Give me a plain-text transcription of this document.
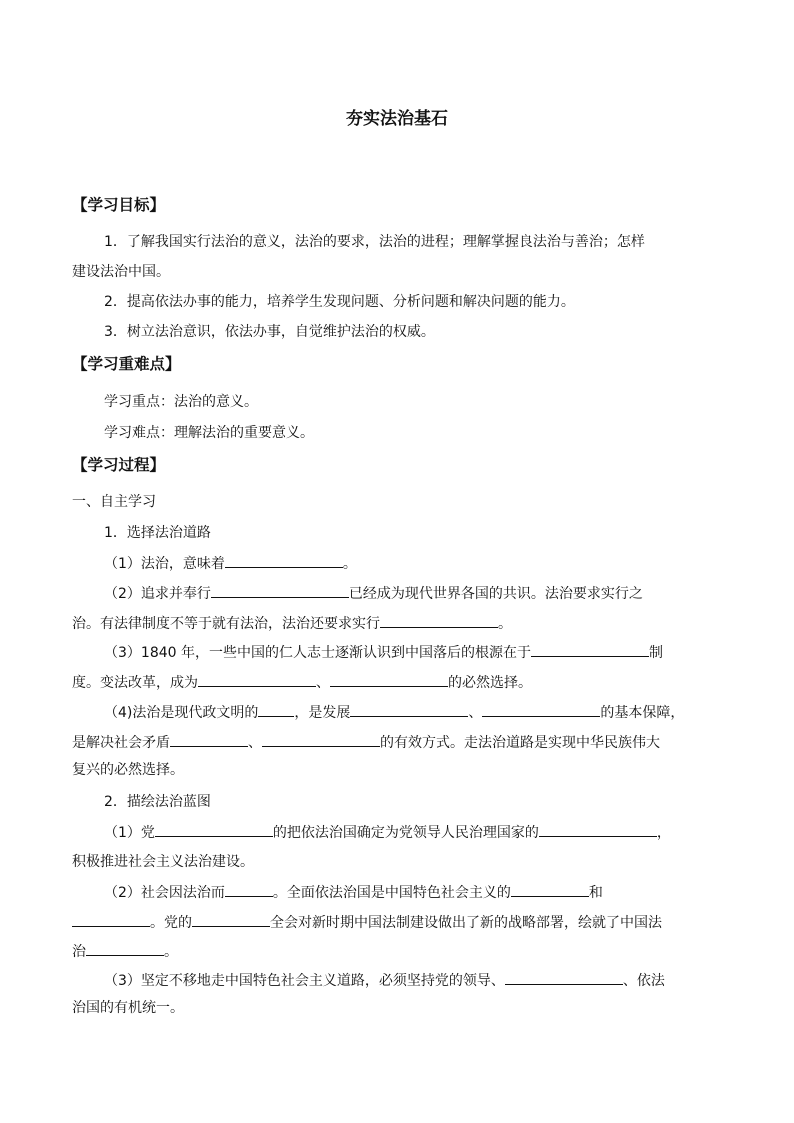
夯实法治基石
【学习目标】
1．了解我国实行法治的意义，法治的要求，法治的进程；理解掌握良法治与善治；怎样
建设法治中国。
2．提高依法办事的能力，培养学生发现问题、分析问题和解决问题的能力。
3．树立法治意识，依法办事，自觉维护法治的权威。
【学习重难点】
学习重点：法治的意义。
学习难点：理解法治的重要意义。
【学习过程】
一、自主学习
1．选择法治道路
（1）法治，意味着	。
（2）追求并奉行	已经成为现代世界各国的共识。法治要求实行之
治。有法律制度不等于就有法治，法治还要求实行	。
（3）1840 年，一些中国的仁人志士逐渐认识到中国落后的根源在于	制
度。变法改革，成为	、	的必然选择。
（4)法治是现代政文明的	，是发展	、	的基本保障，
是解决社会矛盾	、	的有效方式。走法治道路是实现中华民族伟大
复兴的必然选择。
2．描绘法治蓝图
（1）党	的把依法治国确定为党领导人民治理国家的	，
积极推进社会主义法治建设。
（2）社会因法治而	。全面依法治国是中国特色社会主义的	和
。党的	全会对新时期中国法制建设做出了新的战略部署，绘就了中国法
治	。
（3）坚定不移地走中国特色社会主义道路，必须坚持党的领导、	、依法
治国的有机统一。
